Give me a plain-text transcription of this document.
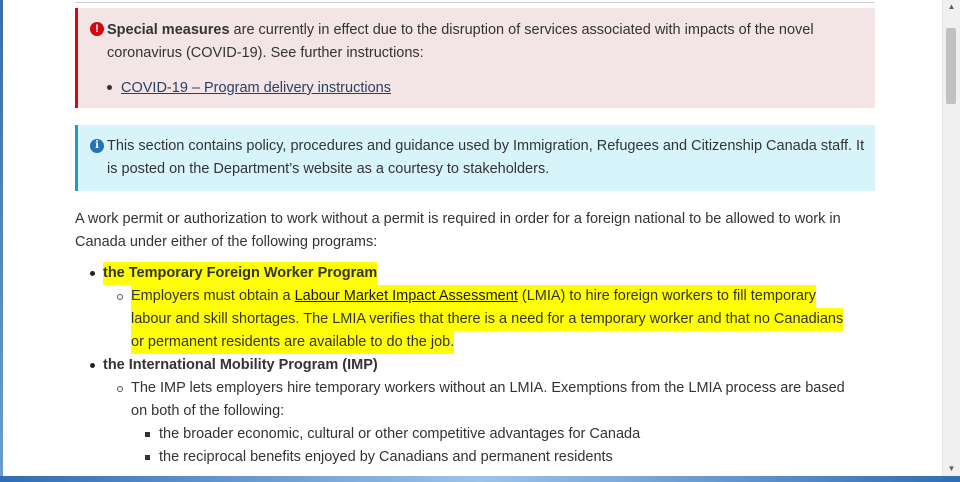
! Special measures are currently in effect due to the disruption of services associated with impacts of the novel coronavirus (COVID-19). See further instructions:
COVID-19 – Program delivery instructions
i This section contains policy, procedures and guidance used by Immigration, Refugees and Citizenship Canada staff. It is posted on the Department’s website as a courtesy to stakeholders.
A work permit or authorization to work without a permit is required in order for a foreign national to be allowed to work in Canada under either of the following programs:
the Temporary Foreign Worker Program
Employers must obtain a Labour Market Impact Assessment (LMIA) to hire foreign workers to fill temporary
labour and skill shortages. The LMIA verifies that there is a need for a temporary worker and that no Canadians
or permanent residents are available to do the job.
the International Mobility Program (IMP)
The IMP lets employers hire temporary workers without an LMIA. Exemptions from the LMIA process are based
on both of the following:
the broader economic, cultural or other competitive advantages for Canada
the reciprocal benefits enjoyed by Canadians and permanent residents
▲
▼
